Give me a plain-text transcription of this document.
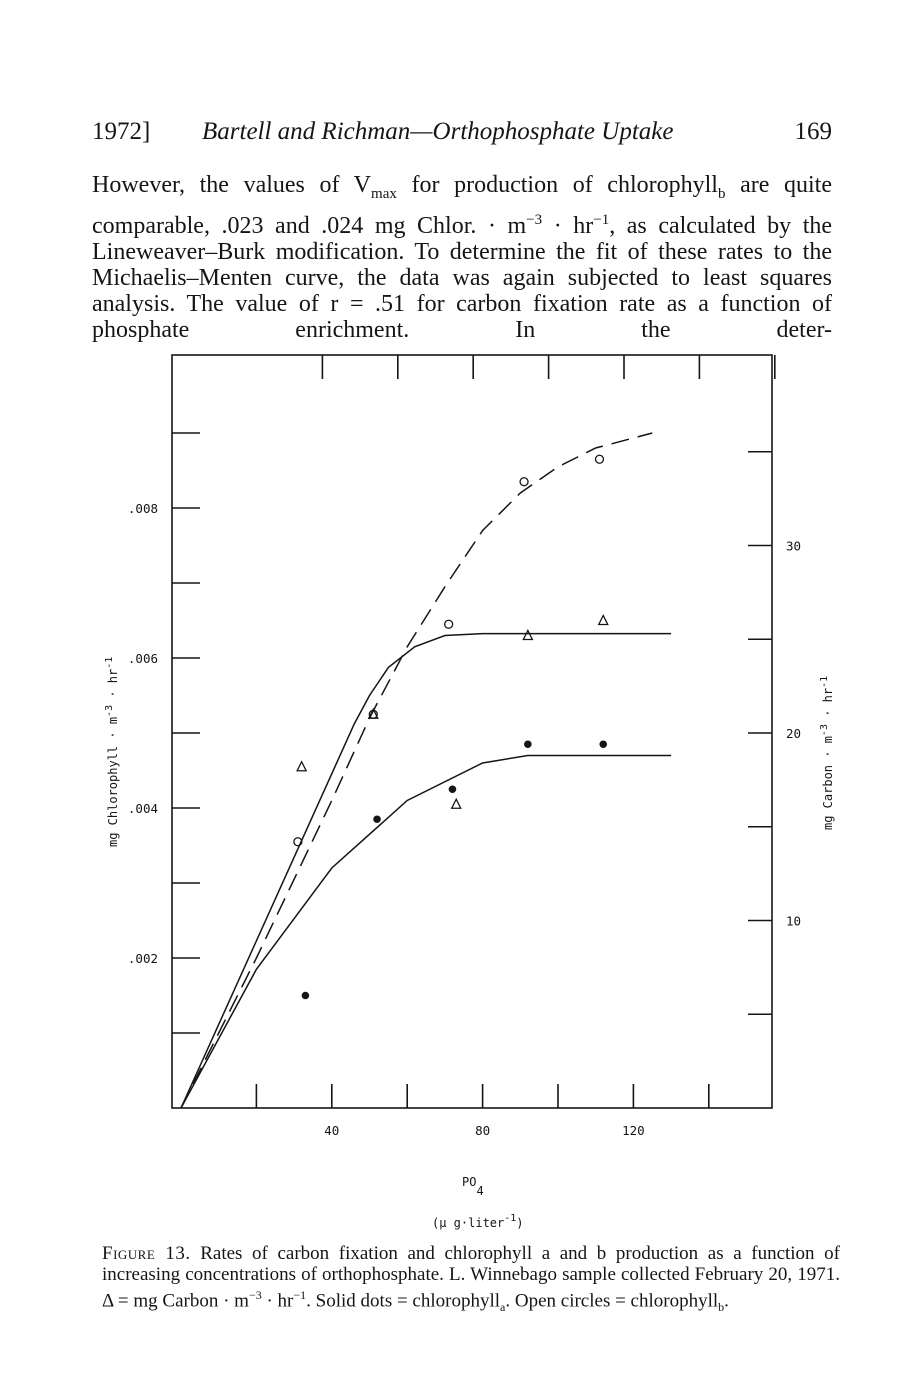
1972] Bartell and Richman—Orthophosphate Uptake	169

However, the values of $V_{max}$ for production of chlorophyll$_b$ are quite comparable, .023 and .024 mg Chlor. · $m^{-3} \cdot hr^{-1}$, as calculated by the Lineweaver–Burk modification. To determine the fit of these rates to the Michaelis–Menten curve, the data was again subjected to least squares analysis. The value of r = .51 for carbon fixation rate as a function of phosphate enrichment. In the deter-

40	80	120
.002
.004
.006
.008
10
20
30
mg Chlorophyll · $m^{-3} \cdot hr^{-1}$
mg Carbon · $m^{-3} \cdot hr^{-1}$
PO4
(μ g·liter$^{-1}$)
Figure 13. Rates of carbon fixation and chlorophyll a and b production as a function of increasing concentrations of orthophosphate. L. Winnebago sample collected February 20, 1971. Δ = mg Carbon · $m^{-3} \cdot hr^{-1}$. Solid dots = chlorophyll$_a$. Open circles = chlorophyll$_b$.
